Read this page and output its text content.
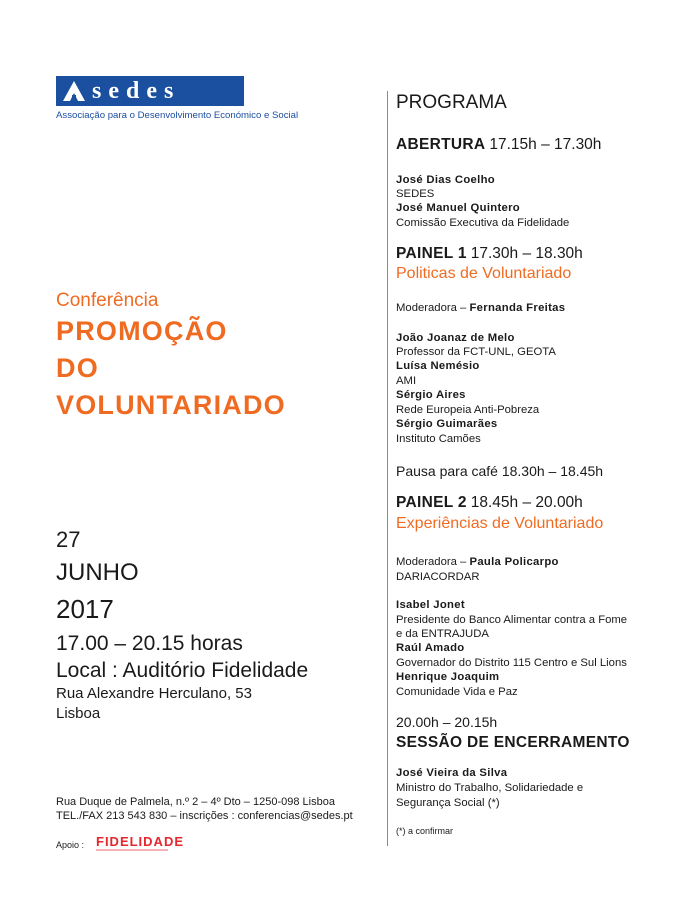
sedes
Associação para o Desenvolvimento Económico e Social
Conferência
PROMOÇÃO
DO
VOLUNTARIADO
27
JUNHO
2017
17.00 – 20.15 horas
Local : Auditório Fidelidade
Rua Alexandre Herculano, 53
Lisboa
Rua Duque de Palmela, n.º 2 – 4º Dto – 1250-098 Lisboa
TEL./FAX 213 543 830 – inscrições : conferencias@sedes.pt
Apoio : FIDELIDADE
PROGRAMA
ABERTURA 17.15h – 17.30h
José Dias Coelho
SEDES
José Manuel Quintero
Comissão Executiva da Fidelidade
PAINEL 1 17.30h – 18.30h
Politicas de Voluntariado
Moderadora – Fernanda Freitas
João Joanaz de Melo
Professor da FCT-UNL, GEOTA
Luísa Nemésio
AMI
Sérgio Aires
Rede Europeia Anti-Pobreza
Sérgio Guimarães
Instituto Camões
Pausa para café 18.30h – 18.45h
PAINEL 2 18.45h – 20.00h
Experiências de Voluntariado
Moderadora – Paula Policarpo
DARIACORDAR
Isabel Jonet
Presidente do Banco Alimentar contra a Fome
e da ENTRAJUDA
Raúl Amado
Governador do Distrito 115 Centro e Sul Lions
Henrique Joaquim
Comunidade Vida e Paz
20.00h – 20.15h
SESSÃO DE ENCERRAMENTO
José Vieira da Silva
Ministro do Trabalho, Solidariedade e
Segurança Social (*)
(*) a confirmar
